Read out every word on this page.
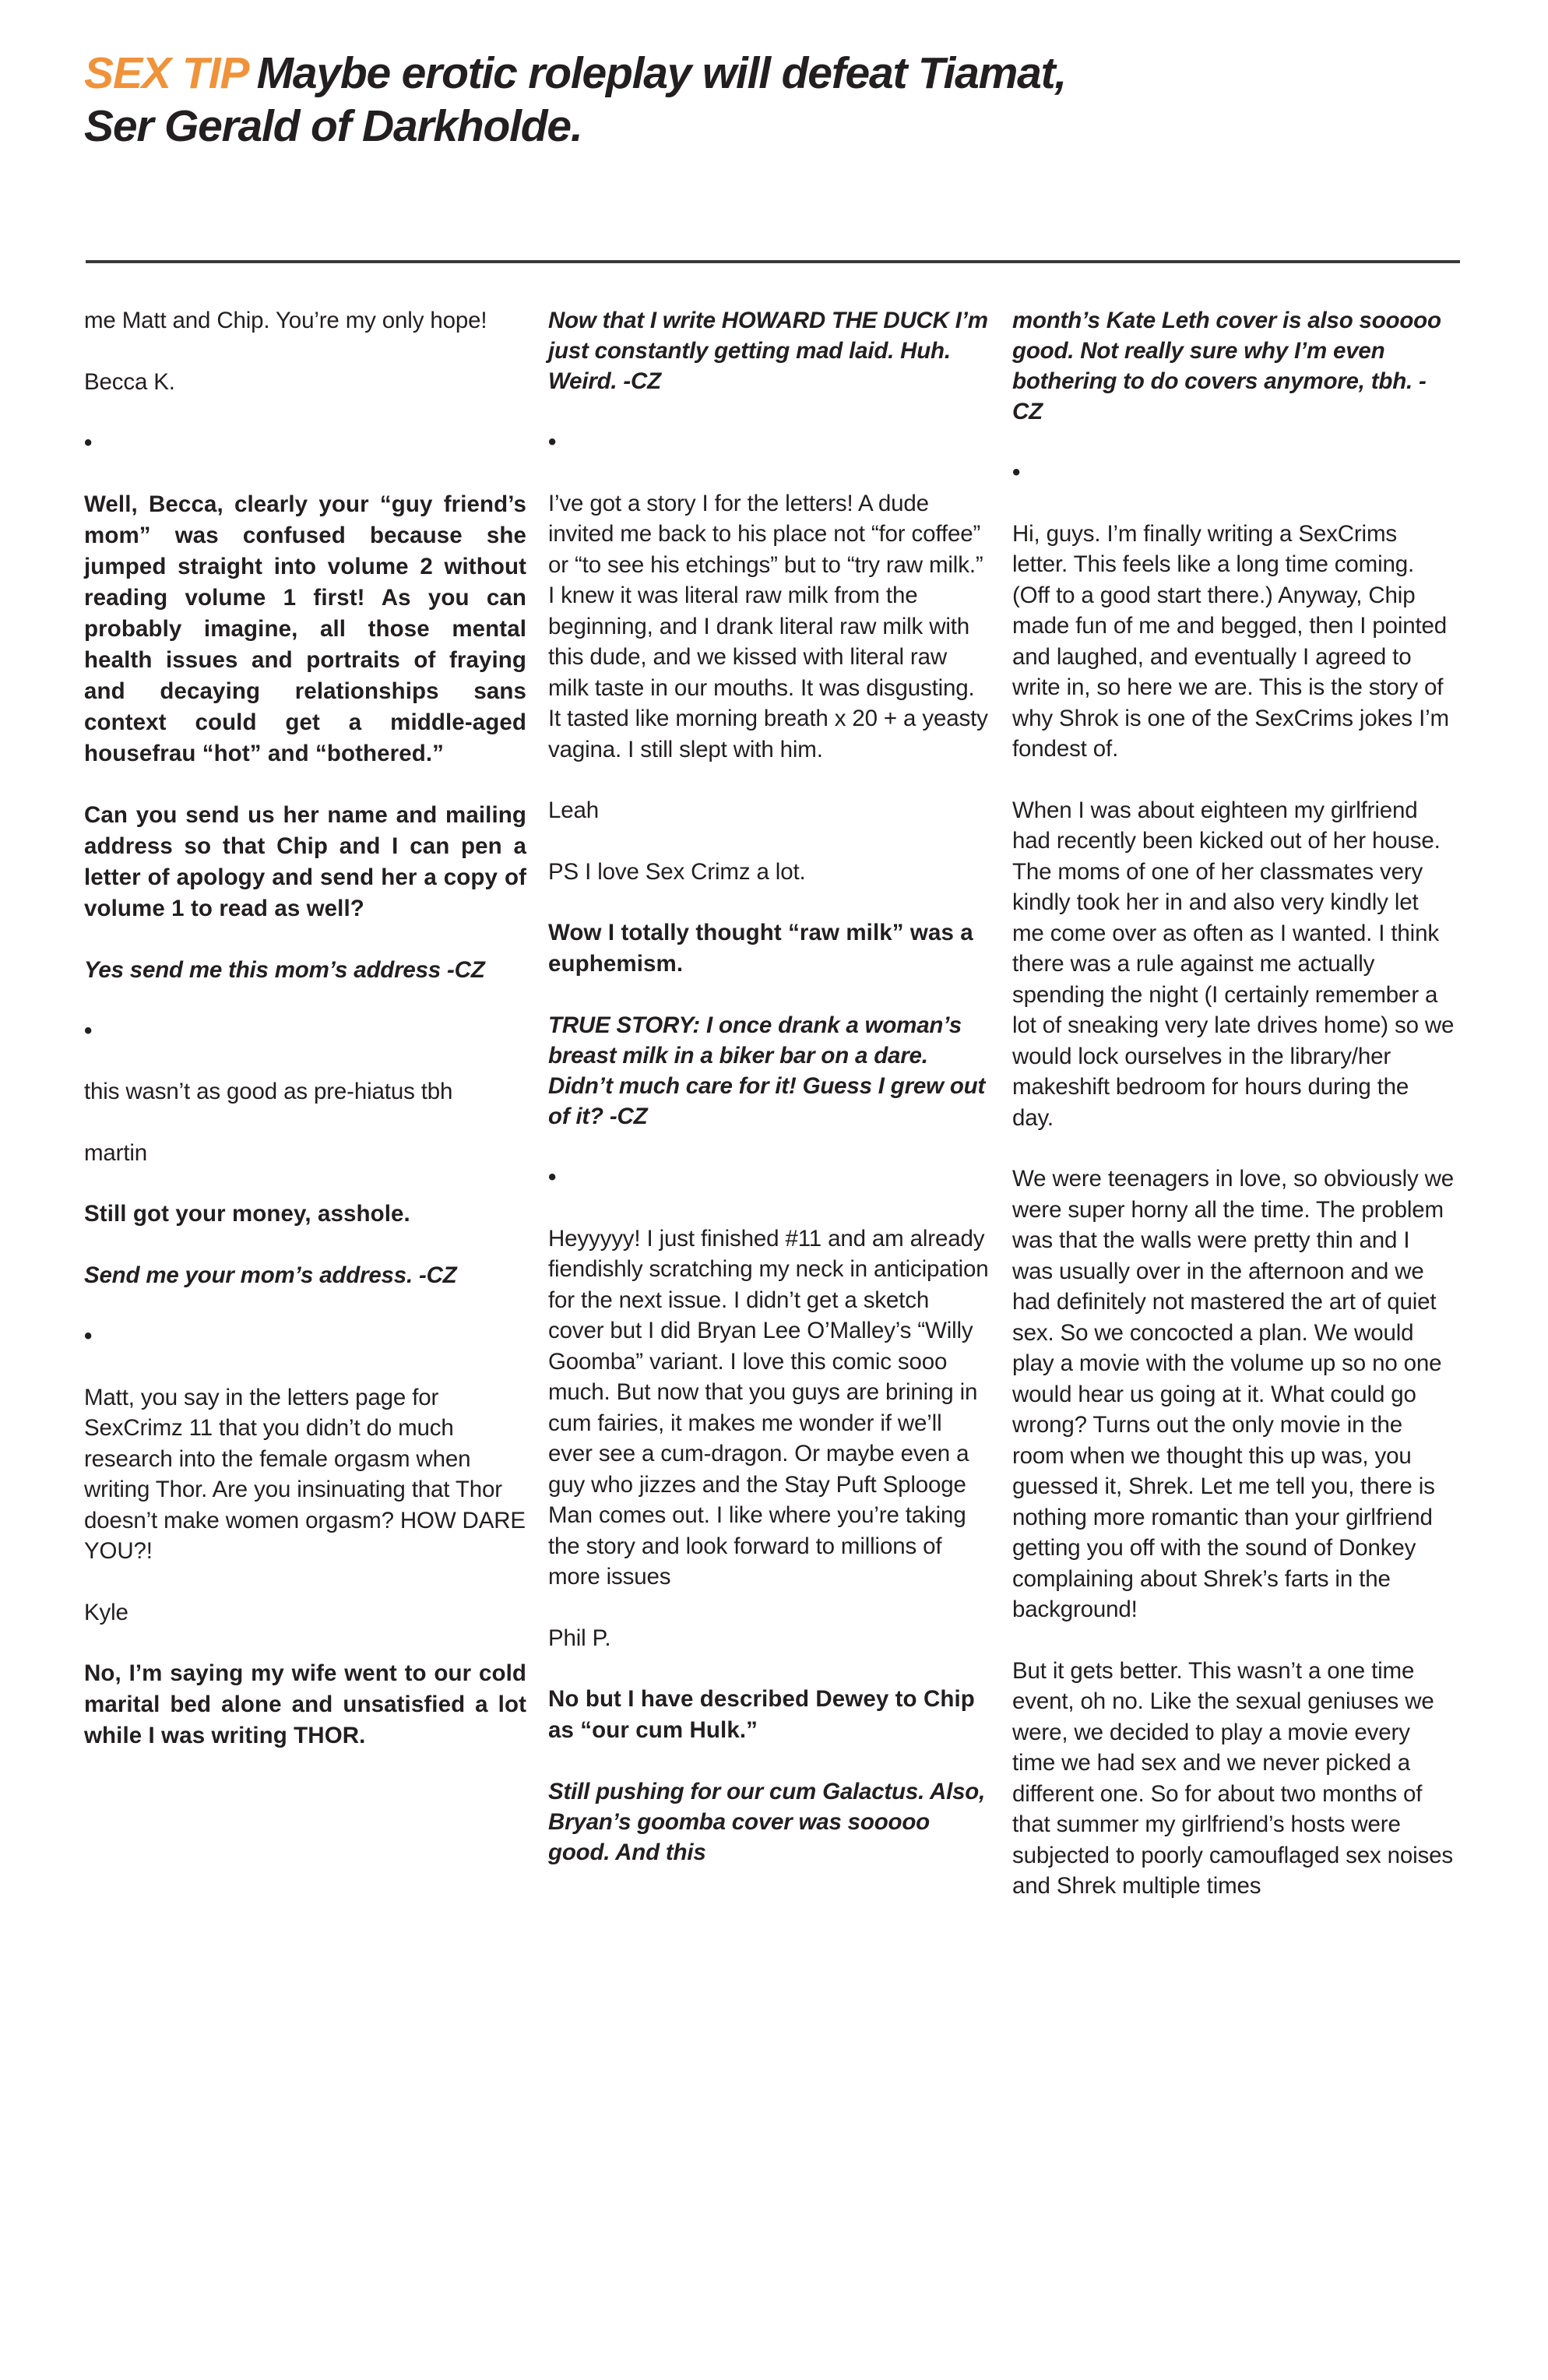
SEX TIP Maybe erotic roleplay will defeat Tiamat,
Ser Gerald of Darkholde.

me Matt and Chip. You’re my only hope!

Becca K.

•

Well, Becca, clearly your “guy friend’s mom” was confused because she jumped straight into volume 2 without reading volume 1 first! As you can probably imagine, all those mental health issues and portraits of fraying and decaying relationships sans context could get a middle-aged housefrau “hot” and “bothered.”

Can you send us her name and mailing address so that Chip and I can pen a letter of apology and send her a copy of volume 1 to read as well?

Yes send me this mom’s address -CZ

•

this wasn’t as good as pre-hiatus tbh

martin

Still got your money, asshole.

Send me your mom’s address. -CZ

•

Matt, you say in the letters page for SexCrimz 11 that you didn’t do much research into the female orgasm when writing Thor. Are you insinuating that Thor doesn’t make women orgasm? HOW DARE YOU?!

Kyle

No, I’m saying my wife went to our cold marital bed alone and unsatisfied a lot while I was writing THOR.

Now that I write HOWARD THE DUCK I’m just constantly getting mad laid. Huh. Weird. -CZ

•

I’ve got a story I for the letters! A dude invited me back to his place not “for coffee” or “to see his etchings” but to “try raw milk.” I knew it was literal raw milk from the beginning, and I drank literal raw milk with this dude, and we kissed with literal raw milk taste in our mouths. It was disgusting. It tasted like morning breath x 20 + a yeasty vagina. I still slept with him.

Leah

PS I love Sex Crimz a lot.

Wow I totally thought “raw milk” was a euphemism.

TRUE STORY: I once drank a woman’s breast milk in a biker bar on a dare. Didn’t much care for it! Guess I grew out of it? -CZ

•

Heyyyyy! I just finished #11 and am already fiendishly scratching my neck in anticipation for the next issue. I didn’t get a sketch cover but I did Bryan Lee O’Malley’s “Willy Goomba” variant. I love this comic sooo much. But now that you guys are brining in cum fairies, it makes me wonder if we’ll ever see a cum-dragon. Or maybe even a guy who jizzes and the Stay Puft Splooge Man comes out. I like where you’re taking the story and look forward to millions of more issues

Phil P.

No but I have described Dewey to Chip as “our cum Hulk.”

Still pushing for our cum Galactus. Also, Bryan’s goomba cover was sooooo good. And this

month’s Kate Leth cover is also sooooo good. Not really sure why I’m even bothering to do covers anymore, tbh. -CZ

•

Hi, guys. I’m finally writing a SexCrims letter. This feels like a long time coming. (Off to a good start there.) Anyway, Chip made fun of me and begged, then I pointed and laughed, and eventually I agreed to write in, so here we are. This is the story of why Shrok is one of the SexCrims jokes I’m fondest of.

When I was about eighteen my girlfriend had recently been kicked out of her house. The moms of one of her classmates very kindly took her in and also very kindly let me come over as often as I wanted. I think there was a rule against me actually spending the night (I certainly remember a lot of sneaking very late drives home) so we would lock ourselves in the library/her makeshift bedroom for hours during the day.

We were teenagers in love, so obviously we were super horny all the time. The problem was that the walls were pretty thin and I was usually over in the afternoon and we had definitely not mastered the art of quiet sex. So we concocted a plan. We would play a movie with the volume up so no one would hear us going at it. What could go wrong? Turns out the only movie in the room when we thought this up was, you guessed it, Shrek. Let me tell you, there is nothing more romantic than your girlfriend getting you off with the sound of Donkey complaining about Shrek’s farts in the background!

But it gets better. This wasn’t a one time event, oh no. Like the sexual geniuses we were, we decided to play a movie every time we had sex and we never picked a different one. So for about two months of that summer my girlfriend’s hosts were subjected to poorly camouflaged sex noises and Shrek multiple times
